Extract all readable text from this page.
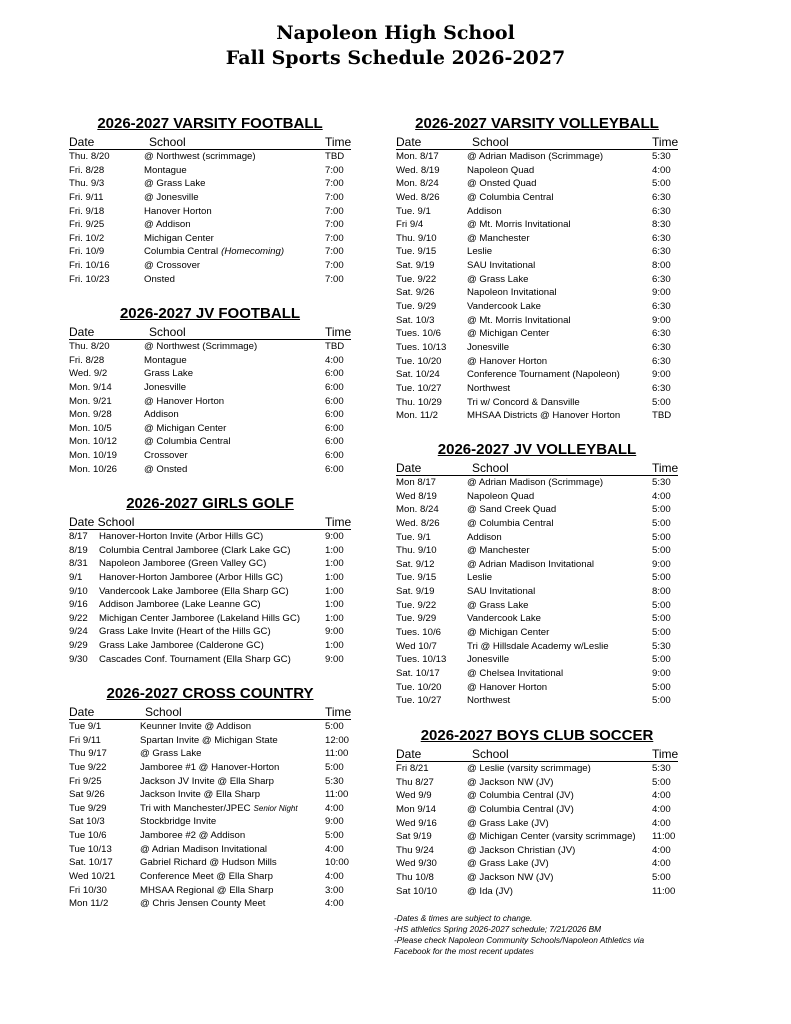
Napoleon High School
Fall Sports Schedule 2026-2027
2026-2027 VARSITY FOOTBALL
Date	School	Time
Thu. 8/20	@ Northwest (scrimmage)	TBD
Fri. 8/28	Montague	7:00
Thu. 9/3	@ Grass Lake	7:00
Fri. 9/11	@ Jonesville	7:00
Fri. 9/18	Hanover Horton	7:00
Fri. 9/25	@ Addison	7:00
Fri. 10/2	Michigan Center	7:00
Fri. 10/9	Columbia Central (Homecoming)	7:00
Fri. 10/16	@ Crossover	7:00
Fri. 10/23	Onsted	7:00
2026-2027 JV FOOTBALL
Date	School	Time
Thu. 8/20	@ Northwest (Scrimmage)	TBD
Fri. 8/28	Montague	4:00
Wed. 9/2	Grass Lake	6:00
Mon. 9/14	Jonesville	6:00
Mon. 9/21	@ Hanover Horton	6:00
Mon. 9/28	Addison	6:00
Mon. 10/5	@ Michigan Center	6:00
Mon. 10/12	@ Columbia Central	6:00
Mon. 10/19	Crossover	6:00
Mon. 10/26	@ Onsted	6:00
2026-2027 GIRLS GOLF
Date School	Time
8/17 Hanover-Horton Invite (Arbor Hills GC)	9:00
8/19 Columbia Central Jamboree (Clark Lake GC)	1:00
8/31 Napoleon Jamboree (Green Valley GC)	1:00
9/1 Hanover-Horton Jamboree (Arbor Hills GC)	1:00
9/10 Vandercook Lake Jamboree (Ella Sharp GC)	1:00
9/16 Addison Jamboree (Lake Leanne GC)	1:00
9/22 Michigan Center Jamboree (Lakeland Hills GC)	1:00
9/24 Grass Lake Invite (Heart of the Hills GC)	9:00
9/29 Grass Lake Jamboree (Calderone GC)	1:00
9/30 Cascades Conf. Tournament (Ella Sharp GC)	9:00
2026-2027 CROSS COUNTRY
Date	School	Time
Tue 9/1	Keunner Invite @ Addison	5:00
Fri 9/11	Spartan Invite @ Michigan State	12:00
Thu 9/17	@ Grass Lake	11:00
Tue 9/22	Jamboree #1 @ Hanover-Horton	5:00
Fri 9/25	Jackson JV Invite @ Ella Sharp	5:30
Sat 9/26	Jackson Invite @ Ella Sharp	11:00
Tue 9/29	Tri with Manchester/JPEC Senior Night	4:00
Sat 10/3	Stockbridge Invite	9:00
Tue 10/6	Jamboree #2 @ Addison	5:00
Tue 10/13	@ Adrian Madison Invitational	4:00
Sat. 10/17	Gabriel Richard @ Hudson Mills	10:00
Wed 10/21	Conference Meet @ Ella Sharp	4:00
Fri 10/30	MHSAA Regional @ Ella Sharp	3:00
Mon 11/2	@ Chris Jensen County Meet	4:00
2026-2027 VARSITY VOLLEYBALL
Date	School	Time
Mon. 8/17	@ Adrian Madison (Scrimmage)	5:30
Wed. 8/19	Napoleon Quad	4:00
Mon. 8/24	@ Onsted Quad	5:00
Wed. 8/26	@ Columbia Central	6:30
Tue. 9/1	Addison	6:30
Fri 9/4	@ Mt. Morris Invitational	8:30
Thu. 9/10	@ Manchester	6:30
Tue. 9/15	Leslie	6:30
Sat. 9/19	SAU Invitational	8:00
Tue. 9/22	@ Grass Lake	6:30
Sat. 9/26	Napoleon Invitational	9:00
Tue. 9/29	Vandercook Lake	6:30
Sat. 10/3	@ Mt. Morris Invitational	9:00
Tues. 10/6	@ Michigan Center	6:30
Tues. 10/13 Jonesville	6:30
Tue. 10/20	@ Hanover Horton	6:30
Sat. 10/24	Conference Tournament (Napoleon)	9:00
Tue. 10/27	Northwest	6:30
Thu. 10/29	Tri w/ Concord & Dansville	5:00
Mon. 11/2	MHSAA Districts @ Hanover Horton	TBD
2026-2027 JV VOLLEYBALL
Date	School	Time
Mon 8/17	@ Adrian Madison (Scrimmage)	5:30
Wed 8/19	Napoleon Quad	4:00
Mon. 8/24	@ Sand Creek Quad	5:00
Wed. 8/26	@ Columbia Central	5:00
Tue. 9/1	Addison	5:00
Thu. 9/10	@ Manchester	5:00
Sat. 9/12	@ Adrian Madison Invitational	9:00
Tue. 9/15	Leslie	5:00
Sat. 9/19	SAU Invitational	8:00
Tue. 9/22	@ Grass Lake	5:00
Tue. 9/29	Vandercook Lake	5:00
Tues. 10/6	@ Michigan Center	5:00
Wed 10/7	Tri @ Hillsdale Academy w/Leslie	5:30
Tues. 10/13 Jonesville	5:00
Sat. 10/17	@ Chelsea Invitational	9:00
Tue. 10/20	@ Hanover Horton	5:00
Tue. 10/27	Northwest	5:00
2026-2027 BOYS CLUB SOCCER
Date	School	Time
Fri 8/21	@ Leslie (varsity scrimmage)	5:30
Thu 8/27	@ Jackson NW (JV)	5:00
Wed 9/9	@ Columbia Central (JV)	4:00
Mon 9/14	@ Columbia Central (JV)	4:00
Wed 9/16	@ Grass Lake (JV)	4:00
Sat 9/19	@ Michigan Center (varsity scrimmage) 11:00
Thu 9/24	@ Jackson Christian (JV)	4:00
Wed 9/30	@ Grass Lake (JV)	4:00
Thu 10/8	@ Jackson NW (JV)	5:00
Sat 10/10	@ Ida (JV)	11:00
-Dates & times are subject to change.
-HS athletics Spring 2026-2027 schedule; 7/21/2026 BM
-Please check Napoleon Community Schools/Napoleon Athletics via
Facebook for the most recent updates
